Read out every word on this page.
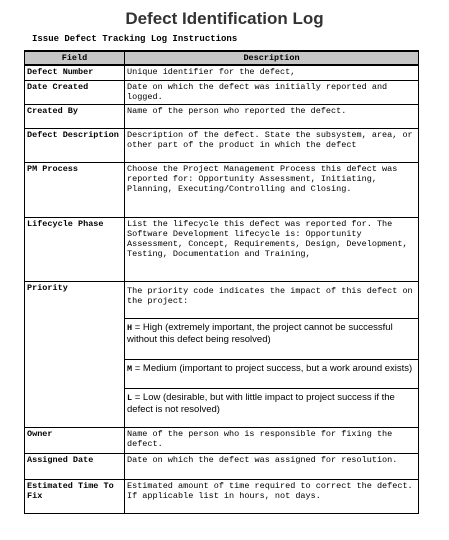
Defect Identification Log
Issue Defect Tracking Log Instructions
Field	Description
Defect Number	Unique identifier for the defect,

Date Created	Date on which the defect was initially reported and logged.
Created By	Name of the person who reported the defect.
Defect Description	Description of the defect. State the subsystem, area, or other part of the product in which the defect

PM Process	Choose the Project Management Process this defect was reported for: Opportunity Assessment, Initiating, Planning, Executing/Controlling and Closing.
Lifecycle Phase	List the lifecycle this defect was reported for. The Software Development lifecycle is: Opportunity Assessment, Concept, Requirements, Design, Development, Testing, Documentation and Training,

Priority	The priority code indicates the impact of this defect on the project:
	H = High (extremely important, the project cannot be successful without this defect being resolved)
	M = Medium (important to project success, but a work around exists)
	L = Low (desirable, but with little impact to project success if the defect is not resolved)
Owner	Name of the person who is responsible for fixing the defect.
Assigned Date	Date on which the defect was assigned for resolution.
Estimated Time To Fix	Estimated amount of time required to correct the defect. If applicable list in hours, not days.
